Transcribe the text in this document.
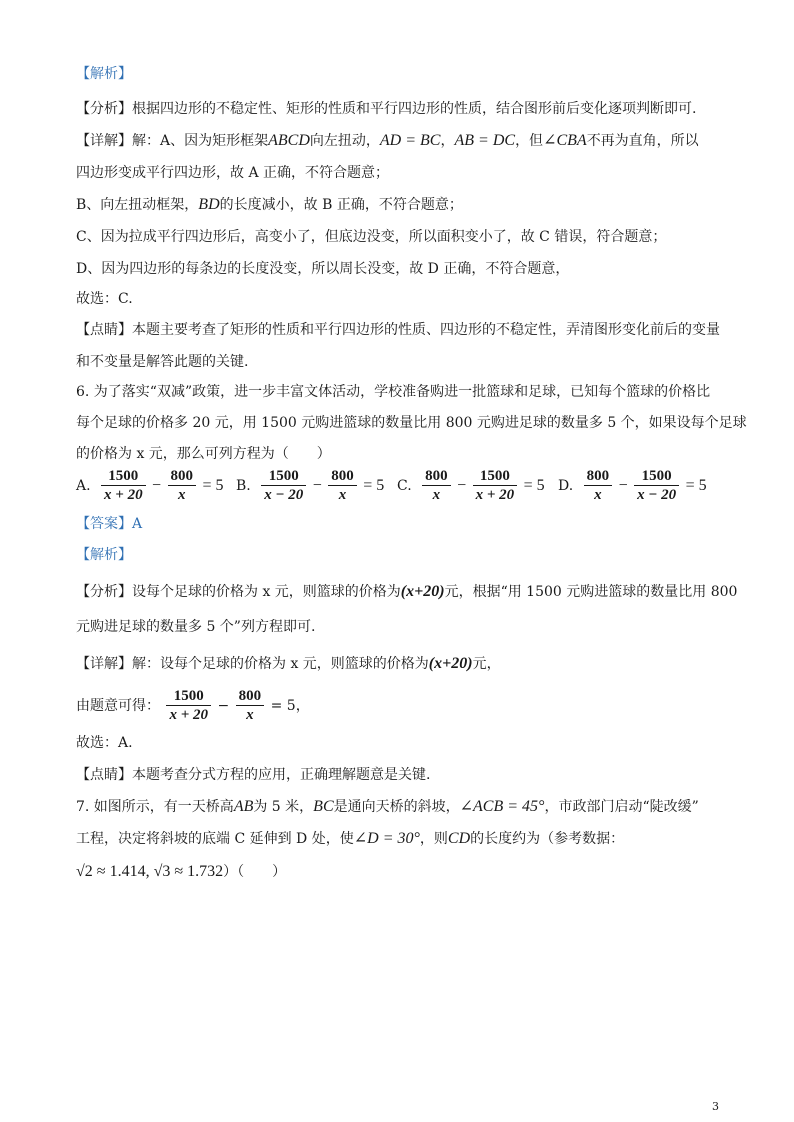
【解析】
【分析】根据四边形的不稳定性、矩形的性质和平行四边形的性质，结合图形前后变化逐项判断即可.
【详解】解：A、因为矩形框架ABCD向左扭动，AD = BC，AB = DC，但∠CBA不再为直角，所以
四边形变成平行四边形，故 A 正确，不符合题意；
B、向左扭动框架，BD的长度减小，故 B 正确，不符合题意；
C、因为拉成平行四边形后，高变小了，但底边没变，所以面积变小了，故 C 错误，符合题意；
D、因为四边形的每条边的长度没变，所以周长没变，故 D 正确，不符合题意，
故选：C.
【点睛】本题主要考查了矩形的性质和平行四边形的性质、四边形的不稳定性，弄清图形变化前后的变量
和不变量是解答此题的关键.
6. 为了落实“双减”政策，进一步丰富文体活动，学校准备购进一批篮球和足球，已知每个篮球的价格比
每个足球的价格多 20 元，用 1500 元购进篮球的数量比用 800 元购进足球的数量多 5 个，如果设每个足球
的价格为 x 元，那么可列方程为（　　）
A. $\frac{1500}{x + 20} - \frac{800}{x} = 5$ B. $\frac{1500}{x - 20} - \frac{800}{x} = 5$ C. $\frac{800}{x} - \frac{1500}{x + 20} = 5$ D. $\frac{800}{x} - \frac{1500}{x - 20} = 5$
【答案】A
【解析】
【分析】设每个足球的价格为 x 元，则篮球的价格为(x+20)元，根据“用 1500 元购进篮球的数量比用 800
元购进足球的数量多 5 个”列方程即可.
【详解】解：设每个足球的价格为 x 元，则篮球的价格为(x+20)元，
由题意可得： $\frac{1500}{x + 20} - \frac{800}{x} = 5$，
故选：A.
【点睛】本题考查分式方程的应用，正确理解题意是关键.
7. 如图所示，有一天桥高AB为 5 米，BC是通向天桥的斜坡，∠ACB = 45°，市政部门启动“陡改缓”
工程，决定将斜坡的底端 C 延伸到 D 处，使∠D = 30°，则CD的长度约为（参考数据：
√2 ≈ 1.414, √3 ≈ 1.732）（　　）
3
